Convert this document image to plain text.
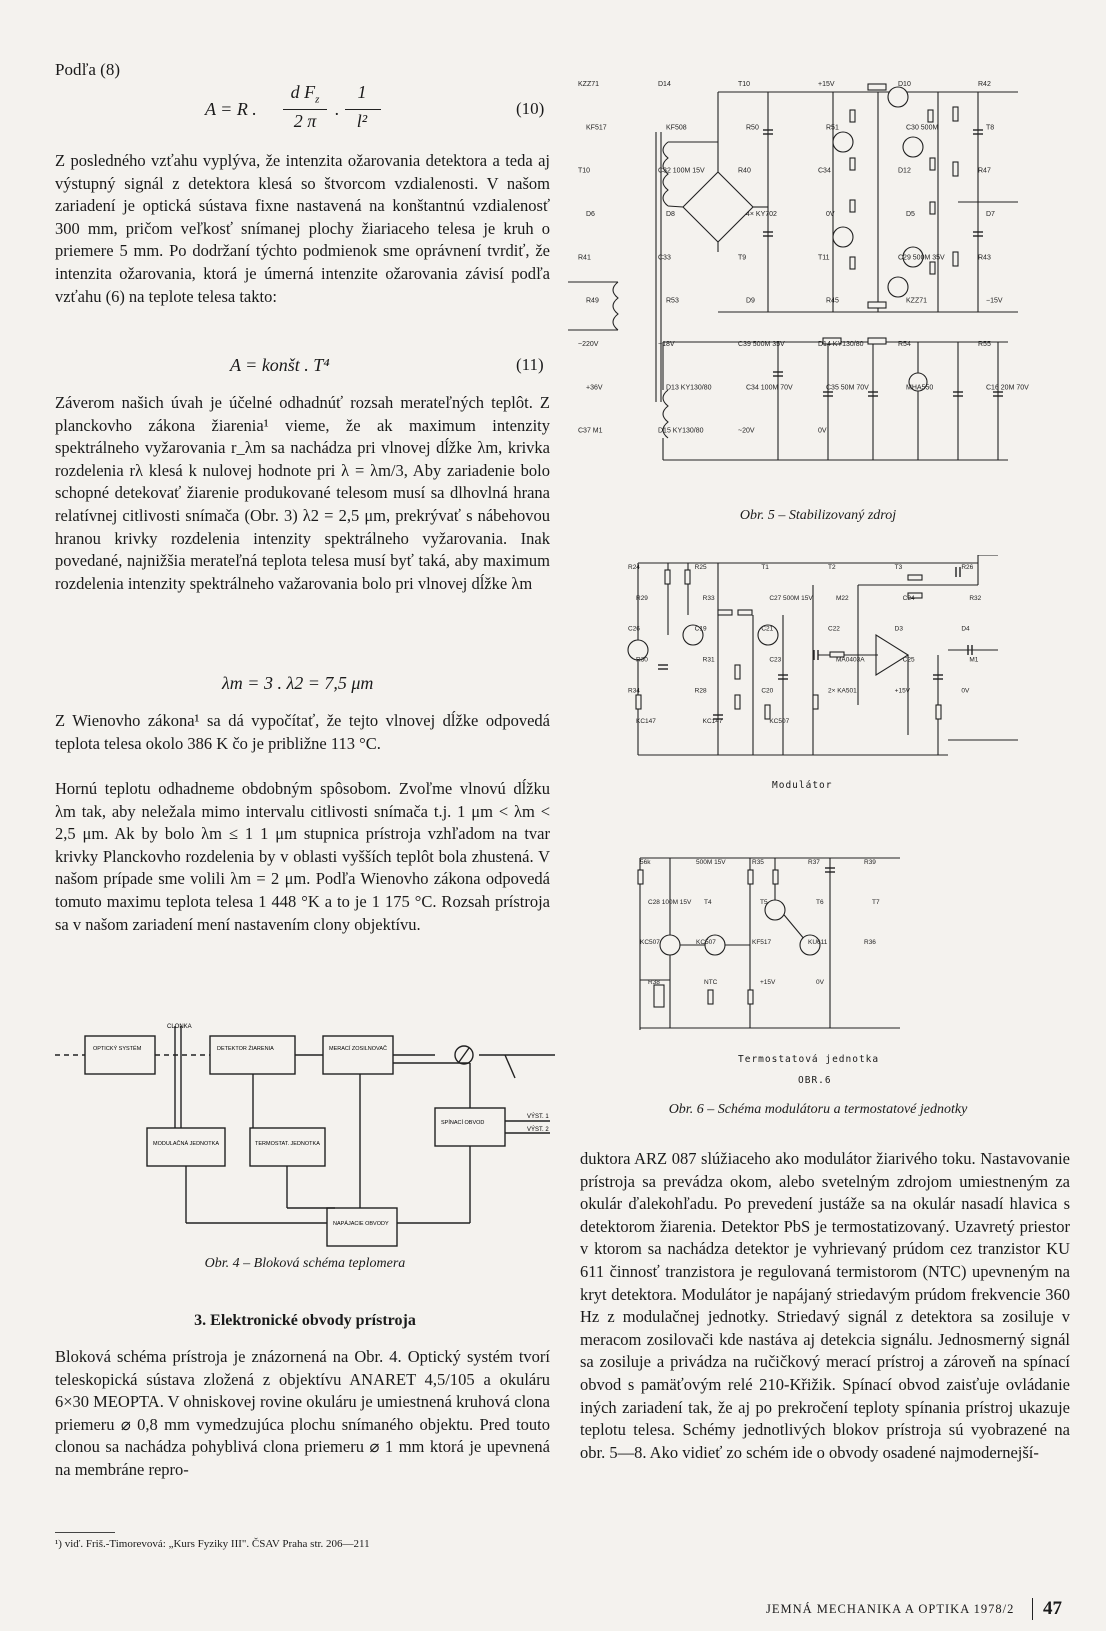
Podľa (8)
A = R .
d $F_z$
2 π
.
1
l²
(10)

Z posledného vzťahu vyplýva, že intenzita ožarovania detektora a teda aj výstupný signál z detektora klesá so štvorcom vzdialenosti. V našom zariadení je optická sústava fixne nastavená na konštantnú vzdialenosť 300 mm, pričom veľkosť snímanej plochy žiariaceho telesa je kruh o priemere 5 mm. Po dodržaní týchto podmienok sme oprávnení tvrdiť, že intenzita ožarovania, ktorá je úmerná intenzite ožarovania závisí podľa vzťahu (6) na teplote telesa takto:

A = konšt . T⁴	(11)

Záverom našich úvah je účelné odhadnúť rozsah merateľných teplôt. Z planckovho zákona žiarenia¹ vieme, že ak maximum intenzity spektrálneho vyžarovania r_λm sa nachádza pri vlnovej dĺžke λm, krivka rozdelenia rλ klesá k nulovej hodnote pri λ = λm/3, Aby zariadenie bolo schopné detekovať žiarenie produkované telesom musí sa dlhovlná hrana relatívnej citlivosti snímača (Obr. 3) λ2 = 2,5 μm, prekrývať s nábehovou hranou krivky rozdelenia intenzity spektrálneho vyžarovania. Inak povedané, najnižšia merateľná teplota telesa musí byť taká, aby maximum rozdelenia intenzity spektrálneho važarovania bolo pri vlnovej dĺžke λm

λm = 3 . λ2 = 7,5 μm

Z Wienovho zákona¹ sa dá vypočítať, že tejto vlnovej dĺžke odpovedá teplota telesa okolo 386 K čo je približne 113 °C.

Hornú teplotu odhadneme obdobným spôsobom. Zvoľme vlnovú dĺžku λm tak, aby neležala mimo intervalu citlivosti snímača t.j. 1 μm < λm < 2,5 μm. Ak by bolo λm ≤ 1 1 μm stupnica prístroja vzhľadom na tvar krivky Planckovho rozdelenia by v oblasti vyšších teplôt bola zhustená. V našom prípade sme volili λm = 2 μm. Podľa Wienovho zákona odpovedá tomuto maximu teplota telesa 1 448 °K a to je 1 175 °C. Rozsah prístroja sa v našom zariadení mení nastavením clony objektívu.

CLONKA
OPTICKÝ SYSTÉM	DETEKTOR ŽIARENIA	MERACÍ ZOSILNOVAČ
SPÍNACÍ OBVOD
MODULAČNÁ JEDNOTKA	TERMOSTAT. JEDNOTKA
NAPÁJACIE OBVODY
VÝST. 1
VÝST. 2
Obr. 4 – Bloková schéma teplomera
3. Elektronické obvody prístroja

Bloková schéma prístroja je znázornená na Obr. 4. Optický systém tvorí teleskopická sústava zložená z objektívu ANARET 4,5/105 a okuláru 6×30 MEOPTA. V ohniskovej rovine okuláru je umiestnená kruhová clona priemeru ⌀ 0,8 mm vymedzujúca plochu snímaného objektu. Pred touto clonou sa nachádza pohyblivá clona priemeru ⌀ 1 mm ktorá je upevnená na membráne repro-

¹) viď. Friš.-Timorevová: „Kurs Fyziky III". ČSAV Praha str. 206—211
KZZ71	D14	T10	+15V	D10	R42
KF517	KF508	R50	R51	C30 500M	T8
T10	C32 100M 15V	R40	C34	D12	R47
D6	D8	4× KY702	0V	D5	D7
R41	C33	T9	T11	C29 500M 35V	R43
R49	R53	D9	R45	KZZ71	−15V
~220V	−18V	C39 500M 35V	D14 KY130/80	R54	R55
+36V	D13 KY130/80	C34 100M 70V	C35 50M 70V	MHA550	C16 20M 70V
C37 M1	D15 KY130/80	~20V	0V
Obr. 5 – Stabilizovaný zdroj
R24	R25	T1	T2	T3	R26
R29	R33	C27 500M 15V	M22	C24	R32
C26	C19	C21	C22	D3	D4
R30	R31	C23	MA0403A	C25	M1
R34	R28	C20	2× KA501	+15V	0V
KC147	KC147	KC507
Modulátor
56k	500M 15V	R35	R37	R39
C28 100M 15V T4	T5	T6	T7
KC507	KC507	KF517	KU611	R36
R38	NTC	+15V	0V
Termostatová jednotka
OBR.6
Obr. 6 – Schéma modulátoru a termostatové jednotky

duktora ARZ 087 slúžiaceho ako modulátor žiarivého toku. Nastavovanie prístroja sa prevádza okom, alebo svetelným zdrojom umiestneným za okulár ďalekohľadu. Po prevedení justáže sa na okulár nasadí hlavica s detektorom žiarenia. Detektor PbS je termostatizovaný. Uzavretý priestor v ktorom sa nachádza detektor je vyhrievaný prúdom cez tranzistor KU 611 činnosť tranzistora je regulovaná termistorom (NTC) upevneným na kryt detektora. Modulátor je napájaný striedavým prúdom frekvencie 360 Hz z modulačnej jednotky. Striedavý signál z detektora sa zosiluje v meracom zosilovači kde nastáva aj detekcia signálu. Jednosmerný signál sa zosiluje a privádza na ručičkový merací prístroj a zároveň na spínací obvod s pamäťovým relé 210-Křižik. Spínací obvod zaisťuje ovládanie iných zariadení tak, že aj po prekročení teploty spínania prístroj ukazuje teplotu telesa. Schémy jednotlivých blokov prístroja sú vyobrazené na obr. 5—8. Ako vidieť zo schém ide o obvody osadené najmodernejší-

JEMNÁ MECHANIKA A OPTIKA 1978/2 47
